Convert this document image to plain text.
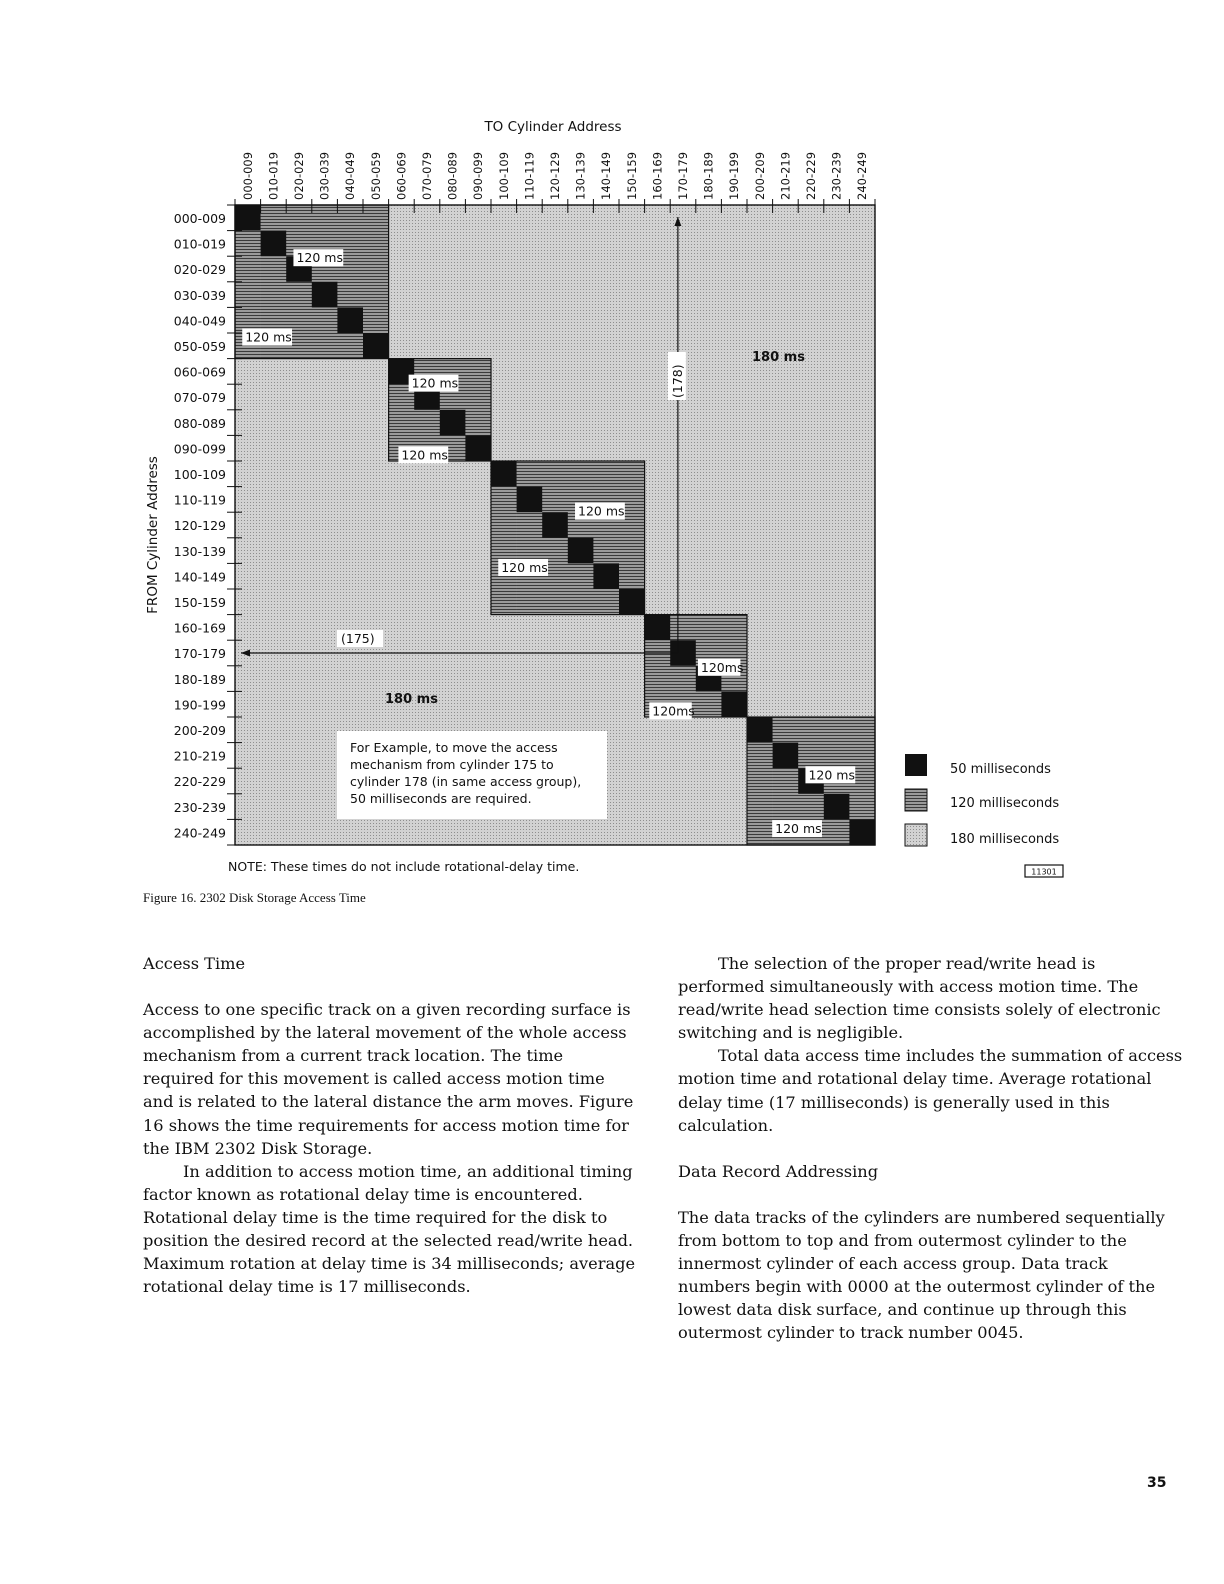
TO Cylinder Address
FROM Cylinder Address
000-009 010-019 020-029 030-039 040-049 050-059 060-069 070-079 080-089 090-099 100-109 110-119 120-129 130-139 140-149 150-159 160-169 170-179 180-189 190-199 200-209 210-219 220-229 230-239 240-249
000-009
010-019
020-029
030-039
040-049
050-059
060-069
070-079
080-089
090-099
100-109
110-119
120-129
130-139
140-149
150-159
160-169
170-179
180-189
190-199
200-209
210-219
220-229
230-239
240-249
120 ms
120 ms
120 ms
120 ms
120 ms
120 ms
120ms
120ms
120 ms
120 ms
180 ms
180 ms
(175)
(178)
For Example, to move the access
mechanism from cylinder 175 to
cylinder 178 (in same access group),
50 milliseconds are required.
NOTE: These times do not include rotational-delay time.
50 milliseconds
120 milliseconds
180 milliseconds
11301
Figure 16. 2302 Disk Storage Access Time
Access Time

Access to one specific track on a given recording surface is accomplished by the lateral movement of the whole access mechanism from a current track location. The time required for this movement is called access motion time and is related to the lateral distance the arm moves. Figure 16 shows the time requirements for access motion time for the IBM 2302 Disk Storage.

In addition to access motion time, an additional timing factor known as rotational delay time is encountered. Rotational delay time is the time required for the disk to position the desired record at the selected read/write head. Maximum rotation at delay time is 34 milliseconds; average rotational delay time is 17 milliseconds.

The selection of the proper read/write head is performed simultaneously with access motion time. The read/write head selection time consists solely of electronic switching and is negligible.

Total data access time includes the summation of access motion time and rotational delay time. Average rotational delay time (17 milliseconds) is generally used in this calculation.

Data Record Addressing

The data tracks of the cylinders are numbered sequentially from bottom to top and from outermost cylinder to the innermost cylinder of each access group. Data track numbers begin with 0000 at the outermost cylinder of the lowest data disk surface, and continue up through this outermost cylinder to track number 0045.

35
